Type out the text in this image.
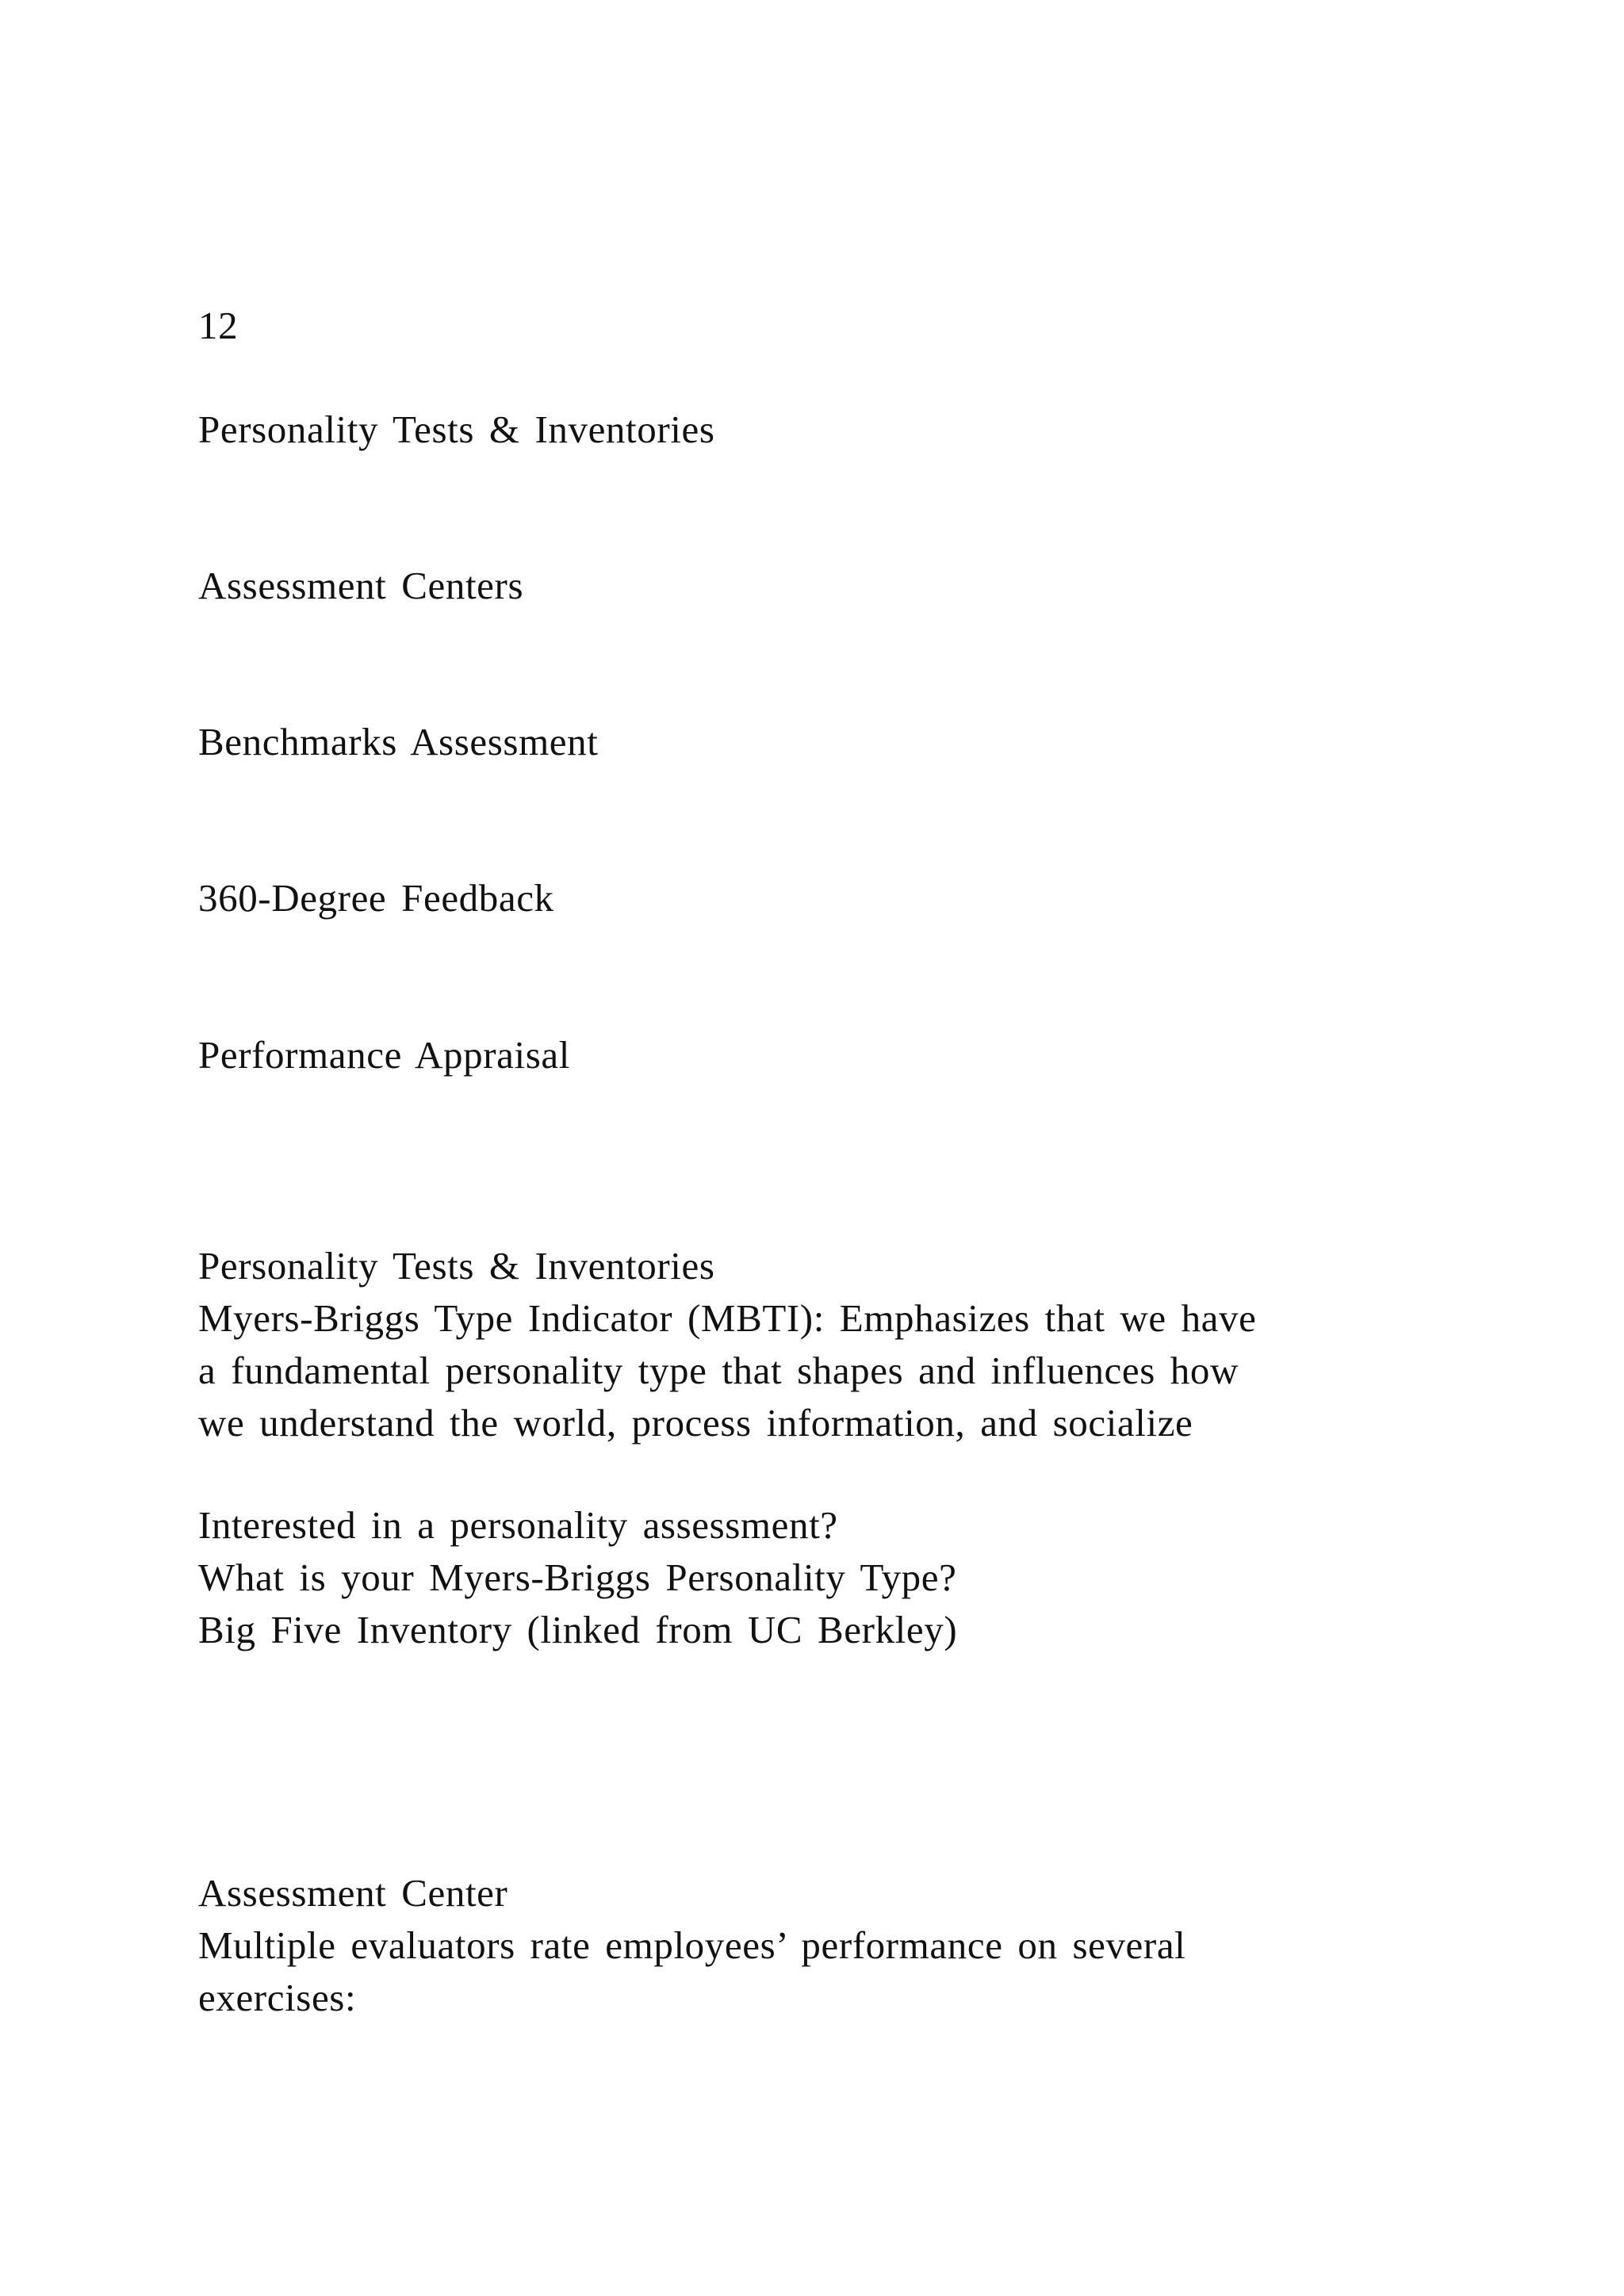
12
Personality Tests & Inventories
Assessment Centers
Benchmarks Assessment
360-Degree Feedback
Performance Appraisal
Personality Tests & Inventories
Myers-Briggs Type Indicator (MBTI): Emphasizes that we have
a fundamental personality type that shapes and influences how
we understand the world, process information, and socialize
Interested in a personality assessment?
What is your Myers-Briggs Personality Type?
Big Five Inventory (linked from UC Berkley)
Assessment Center
Multiple evaluators rate employees’ performance on several
exercises:
